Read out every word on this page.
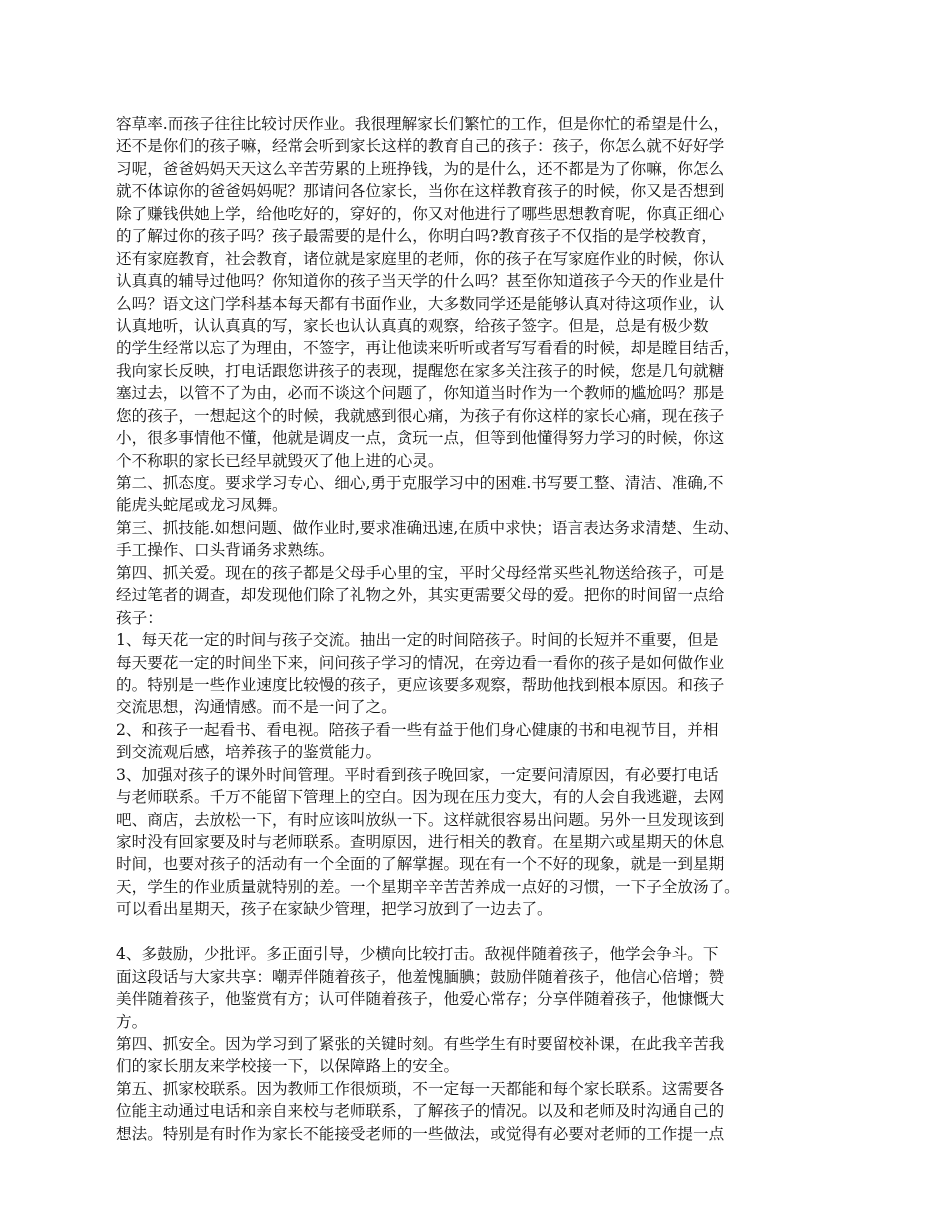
容草率.而孩子往往比较讨厌作业。我很理解家长们繁忙的工作，但是你忙的希望是什么，
还不是你们的孩子嘛，经常会听到家长这样的教育自己的孩子：孩子，你怎么就不好好学
习呢，爸爸妈妈天天这么辛苦劳累的上班挣钱，为的是什么，还不都是为了你嘛，你怎么
就不体谅你的爸爸妈妈呢？那请问各位家长，当你在这样教育孩子的时候，你又是否想到
除了赚钱供她上学，给他吃好的，穿好的，你又对他进行了哪些思想教育呢，你真正细心
的了解过你的孩子吗？孩子最需要的是什么，你明白吗?教育孩子不仅指的是学校教育，
还有家庭教育，社会教育，诸位就是家庭里的老师，你的孩子在写家庭作业的时候，你认
认真真的辅导过他吗？你知道你的孩子当天学的什么吗？甚至你知道孩子今天的作业是什
么吗？语文这门学科基本每天都有书面作业，大多数同学还是能够认真对待这项作业，认
认真地听，认认真真的写，家长也认认真真的观察，给孩子签字。但是，总是有极少数
的学生经常以忘了为理由，不签字，再让他读来听听或者写写看看的时候，却是瞠目结舌，
我向家长反映，打电话跟您讲孩子的表现，提醒您在家多关注孩子的时候，您是几句就糖
塞过去，以管不了为由，必而不谈这个问题了，你知道当时作为一个教师的尴尬吗？那是
您的孩子，一想起这个的时候，我就感到很心痛，为孩子有你这样的家长心痛，现在孩子
小，很多事情他不懂，他就是调皮一点，贪玩一点，但等到他懂得努力学习的时候，你这
个不称职的家长已经早就毁灭了他上进的心灵。
第二、抓态度。要求学习专心、细心,勇于克服学习中的困难.书写要工整、清洁、准确,不
能虎头蛇尾或龙习凤舞。
第三、抓技能.如想问题、做作业时,要求准确迅速,在质中求快；语言表达务求清楚、生动、
手工操作、口头背诵务求熟练。
第四、抓关爱。现在的孩子都是父母手心里的宝，平时父母经常买些礼物送给孩子，可是
经过笔者的调查，却发现他们除了礼物之外，其实更需要父母的爱。把你的时间留一点给
孩子：
1、每天花一定的时间与孩子交流。抽出一定的时间陪孩子。时间的长短并不重要，但是
每天要花一定的时间坐下来，问问孩子学习的情况，在旁边看一看你的孩子是如何做作业
的。特别是一些作业速度比较慢的孩子，更应该要多观察，帮助他找到根本原因。和孩子
交流思想，沟通情感。而不是一问了之。
2、和孩子一起看书、看电视。陪孩子看一些有益于他们身心健康的书和电视节目，并相
到交流观后感，培养孩子的鉴赏能力。
3、加强对孩子的课外时间管理。平时看到孩子晚回家，一定要问清原因，有必要打电话
与老师联系。千万不能留下管理上的空白。因为现在压力变大，有的人会自我逃避，去网
吧、商店，去放松一下，有时应该叫放纵一下。这样就很容易出问题。另外一旦发现该到
家时没有回家要及时与老师联系。查明原因，进行相关的教育。在星期六或星期天的休息
时间，也要对孩子的活动有一个全面的了解掌握。现在有一个不好的现象，就是一到星期
天，学生的作业质量就特别的差。一个星期辛辛苦苦养成一点好的习惯，一下子全放汤了。
可以看出星期天，孩子在家缺少管理，把学习放到了一边去了。
4、多鼓励，少批评。多正面引导，少横向比较打击。敌视伴随着孩子，他学会争斗。下
面这段话与大家共享：嘲弄伴随着孩子，他羞愧腼腆；鼓励伴随着孩子，他信心倍增；赞
美伴随着孩子，他鉴赏有方；认可伴随着孩子，他爱心常存；分享伴随着孩子，他慷慨大
方。
第四、抓安全。因为学习到了紧张的关键时刻。有些学生有时要留校补课，在此我辛苦我
们的家长朋友来学校接一下，以保障路上的安全。
第五、抓家校联系。因为教师工作很烦琐，不一定每一天都能和每个家长联系。这需要各
位能主动通过电话和亲自来校与老师联系，了解孩子的情况。以及和老师及时沟通自己的
想法。特别是有时作为家长不能接受老师的一些做法，或觉得有必要对老师的工作提一点
